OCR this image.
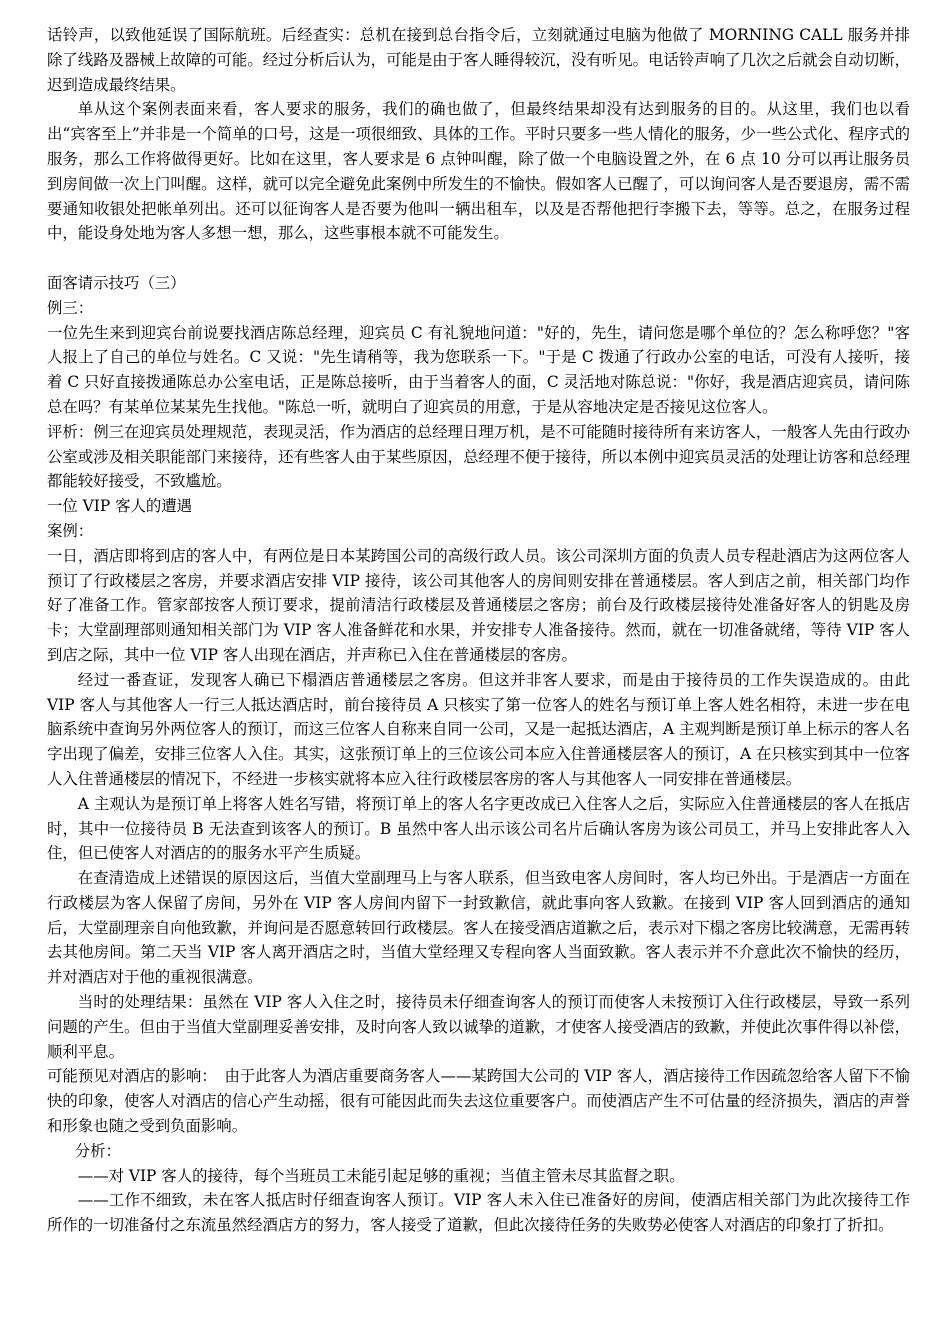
话铃声，以致他延误了国际航班。后经查实：总机在接到总台指令后，立刻就通过电脑为他做了 MORNING CALL 服务并排除了线路及器械上故障的可能。经过分析后认为，可能是由于客人睡得较沉，没有听见。电话铃声响了几次之后就会自动切断，迟到造成最终结果。

单从这个案例表面来看，客人要求的服务，我们的确也做了，但最终结果却没有达到服务的目的。从这里，我们也以看出“宾客至上”并非是一个简单的口号，这是一项很细致、具体的工作。平时只要多一些人情化的服务，少一些公式化、程序式的服务，那么工作将做得更好。比如在这里，客人要求是 6 点钟叫醒，除了做一个电脑设置之外，在 6 点 10 分可以再让服务员到房间做一次上门叫醒。这样，就可以完全避免此案例中所发生的不愉快。假如客人已醒了，可以询问客人是否要退房，需不需要通知收银处把帐单列出。还可以征询客人是否要为他叫一辆出租车，以及是否帮他把行李搬下去，等等。总之，在服务过程中，能设身处地为客人多想一想，那么，这些事根本就不可能发生。

面客请示技巧（三）

例三：

一位先生来到迎宾台前说要找酒店陈总经理，迎宾员 C 有礼貌地问道："好的，先生，请问您是哪个单位的？怎么称呼您？"客人报上了自己的单位与姓名。C 又说："先生请稍等，我为您联系一下。"于是 C 拨通了行政办公室的电话，可没有人接听，接着 C 只好直接拨通陈总办公室电话，正是陈总接听，由于当着客人的面，C 灵活地对陈总说："你好，我是酒店迎宾员，请问陈总在吗？有某单位某某先生找他。"陈总一听，就明白了迎宾员的用意，于是从容地决定是否接见这位客人。

评析：例三在迎宾员处理规范，表现灵活，作为酒店的总经理日理万机，是不可能随时接待所有来访客人，一般客人先由行政办公室或涉及相关职能部门来接待，还有些客人由于某些原因，总经理不便于接待，所以本例中迎宾员灵活的处理让访客和总经理都能较好接受，不致尴尬。

一位 VIP 客人的遭遇

案例：

一日，酒店即将到店的客人中，有两位是日本某跨国公司的高级行政人员。该公司深圳方面的负责人员专程赴酒店为这两位客人预订了行政楼层之客房，并要求酒店安排 VIP 接待，该公司其他客人的房间则安排在普通楼层。客人到店之前，相关部门均作好了准备工作。管家部按客人预订要求，提前清洁行政楼层及普通楼层之客房；前台及行政楼层接待处准备好客人的钥匙及房卡；大堂副理部则通知相关部门为 VIP 客人准备鲜花和水果，并安排专人准备接待。然而，就在一切准备就绪，等待 VIP 客人到店之际，其中一位 VIP 客人出现在酒店，并声称已入住在普通楼层的客房。

经过一番查证，发现客人确已下榻酒店普通楼层之客房。但这并非客人要求，而是由于接待员的工作失误造成的。由此 VIP 客人与其他客人一行三人抵达酒店时，前台接待员 A 只核实了第一位客人的姓名与预订单上客人姓名相符，未进一步在电脑系统中查询另外两位客人的预订，而这三位客人自称来自同一公司，又是一起抵达酒店，A 主观判断是预订单上标示的客人名字出现了偏差，安排三位客人入住。其实，这张预订单上的三位该公司本应入住普通楼层客人的预订，A 在只核实到其中一位客人入住普通楼层的情况下，不经进一步核实就将本应入往行政楼层客房的客人与其他客人一同安排在普通楼层。

A 主观认为是预订单上将客人姓名写错，将预订单上的客人名字更改成已入住客人之后，实际应入住普通楼层的客人在抵店时，其中一位接待员 B 无法查到该客人的预订。B 虽然中客人出示该公司名片后确认客房为该公司员工，并马上安排此客人入住，但已使客人对酒店的的服务水平产生质疑。

在查清造成上述错误的原因这后，当值大堂副理马上与客人联系，但当致电客人房间时，客人均已外出。于是酒店一方面在行政楼层为客人保留了房间，另外在 VIP 客人房间内留下一封致歉信，就此事向客人致歉。在接到 VIP 客人回到酒店的通知后，大堂副理亲自向他致歉，并询问是否愿意转回行政楼层。客人在接受酒店道歉之后，表示对下榻之客房比较满意，无需再转去其他房间。第二天当 VIP 客人离开酒店之时，当值大堂经理又专程向客人当面致歉。客人表示并不介意此次不愉快的经历，并对酒店对于他的重视很满意。

当时的处理结果：虽然在 VIP 客人入住之时，接待员未仔细查询客人的预订而使客人未按预订入住行政楼层，导致一系列问题的产生。但由于当值大堂副理妥善安排，及时向客人致以诚挚的道歉，才使客人接受酒店的致歉，并使此次事件得以补偿，顺利平息。

可能预见对酒店的影响：　由于此客人为酒店重要商务客人——某跨国大公司的 VIP 客人，酒店接待工作因疏忽给客人留下不愉快的印象，使客人对酒店的信心产生动摇，很有可能因此而失去这位重要客户。而使酒店产生不可估量的经济损失，酒店的声誉和形象也随之受到负面影响。

分析：

——对 VIP 客人的接待，每个当班员工未能引起足够的重视；当值主管未尽其监督之职。

——工作不细致，未在客人抵店时仔细查询客人预订。VIP 客人未入住已准备好的房间，使酒店相关部门为此次接待工作所作的一切准备付之东流虽然经酒店方的努力，客人接受了道歉，但此次接待任务的失败势必使客人对酒店的印象打了折扣。
